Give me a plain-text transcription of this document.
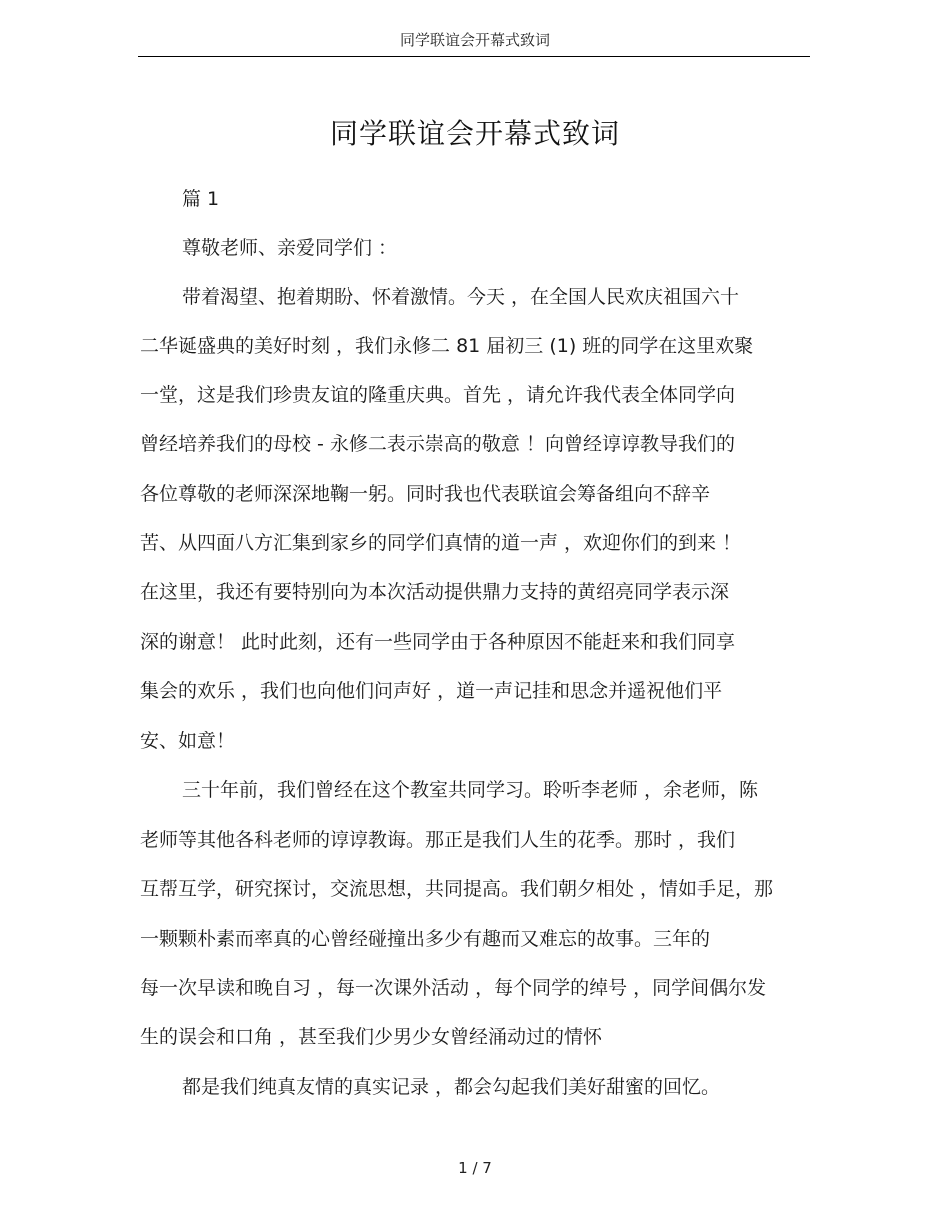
同学联谊会开幕式致词
同学联谊会开幕式致词
篇 1
尊敬老师、亲爱同学们 ：
带着渴望、抱着期盼、怀着激情。今天 ，在全国人民欢庆祖国六十
二华诞盛典的美好时刻 ，我们永修二 81 届初三 (1) 班的同学在这里欢聚
一堂，这是我们珍贵友谊的隆重庆典。首先 ，请允许我代表全体同学向
曾经培养我们的母校 - 永修二表示崇高的敬意 ！向曾经谆谆教导我们的
各位尊敬的老师深深地鞠一躬。同时我也代表联谊会筹备组向不辞辛
苦、从四面八方汇集到家乡的同学们真情的道一声 ，欢迎你们的到来 ！
在这里，我还有要特别向为本次活动提供鼎力支持的黄绍亮同学表示深
深的谢意！ 此时此刻，还有一些同学由于各种原因不能赶来和我们同享
集会的欢乐 ，我们也向他们问声好 ，道一声记挂和思念并遥祝他们平
安、如意！
三十年前，我们曾经在这个教室共同学习。聆听李老师 ，余老师，陈
老师等其他各科老师的谆谆教诲。那正是我们人生的花季。那时 ，我们
互帮互学，研究探讨，交流思想，共同提高。我们朝夕相处 ，情如手足，那
一颗颗朴素而率真的心曾经碰撞出多少有趣而又难忘的故事。三年的
每一次早读和晚自习 ，每一次课外活动 ，每个同学的绰号 ，同学间偶尔发
生的误会和口角 ，甚至我们少男少女曾经涌动过的情怀
都是我们纯真友情的真实记录 ，都会勾起我们美好甜蜜的回忆。
1 / 7
